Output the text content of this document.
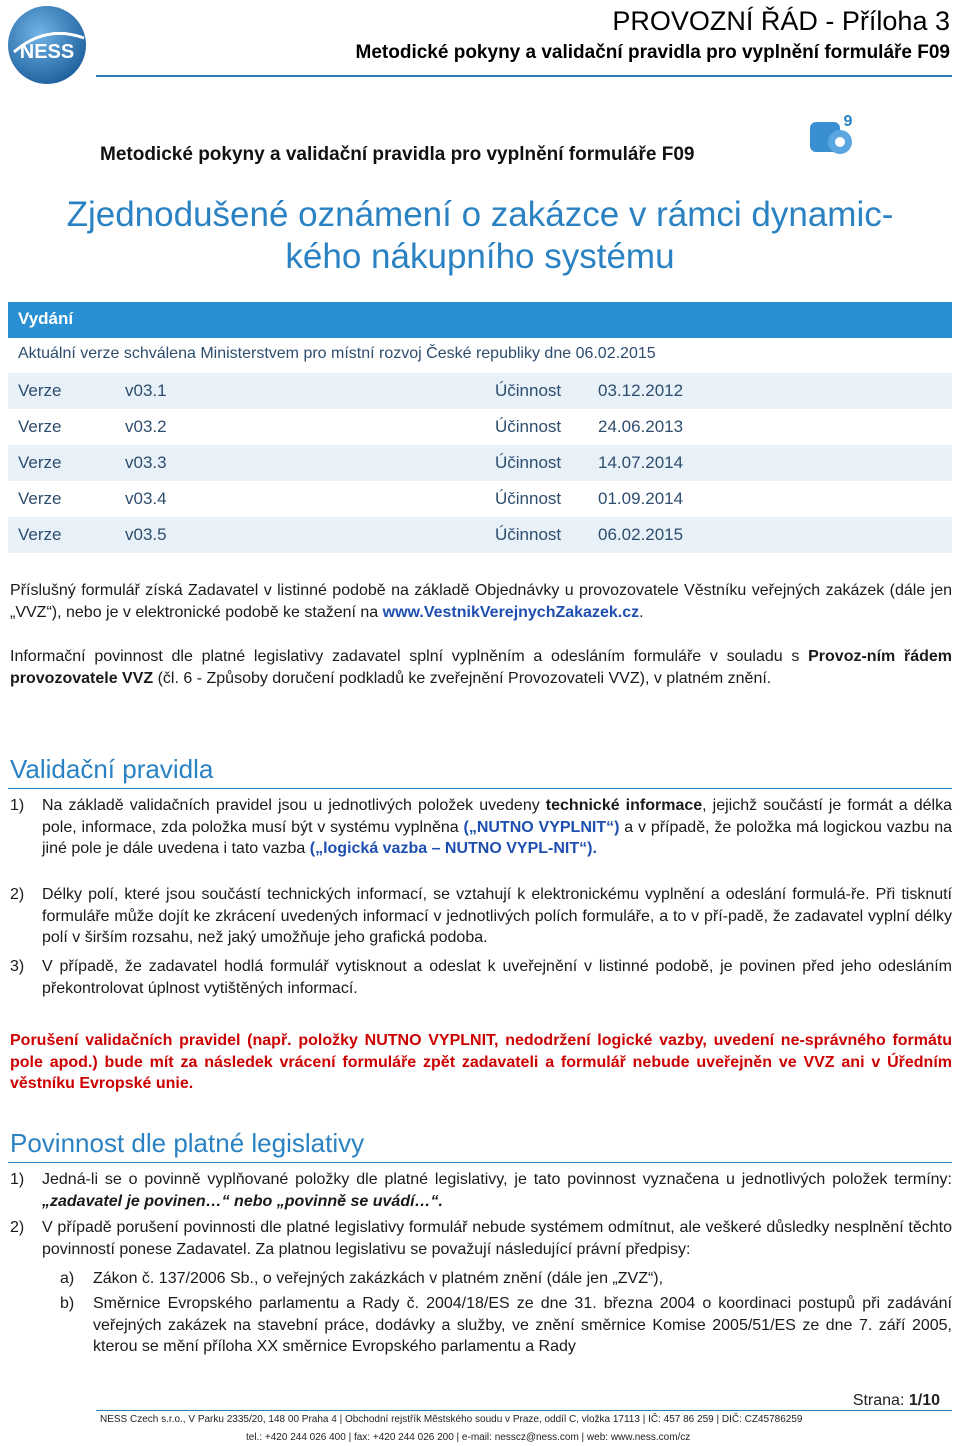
NESS
PROVOZNÍ ŘÁD - Příloha 3
Metodické pokyny a validační pravidla pro vyplnění formuláře F09
9
Metodické pokyny a validační pravidla pro vyplnění formuláře F09
Zjednodušené oznámení o zakázce v rámci dynamic-
kého nákupního systému
Vydání
Aktuální verze schválena Ministerstvem pro místní rozvoj České republiky dne 06.02.2015
Verze	v03.1	Účinnost 03.12.2012
Verze	v03.2	Účinnost 24.06.2013
Verze	v03.3	Účinnost 14.07.2014
Verze	v03.4	Účinnost 01.09.2014
Verze	v03.5	Účinnost 06.02.2015
Příslušný formulář získá Zadavatel v listinné podobě na základě Objednávky u provozovatele Věstníku veřejných zakázek (dále jen „VVZ“), nebo je v elektronické podobě ke stažení na www.VestnikVerejnychZakazek.cz.
Informační povinnost dle platné legislativy zadavatel splní vyplněním a odesláním formuláře v souladu s Provoz-ním řádem provozovatele VVZ (čl. 6 - Způsoby doručení podkladů ke zveřejnění Provozovateli VVZ), v platném znění.
Validační pravidla
1) Na základě validačních pravidel jsou u jednotlivých položek uvedeny technické informace, jejichž součástí je formát a délka pole, informace, zda položka musí být v systému vyplněna („NUTNO VYPLNIT“) a v případě, že položka má logickou vazbu na jiné pole je dále uvedena i tato vazba („logická vazba – NUTNO VYPL-NIT“).
2) Délky polí, které jsou součástí technických informací, se vztahují k elektronickému vyplnění a odeslání formulá-ře. Při tisknutí formuláře může dojít ke zkrácení uvedených informací v jednotlivých polích formuláře, a to v pří-padě, že zadavatel vyplní délky polí v širším rozsahu, než jaký umožňuje jeho grafická podoba.
3) V případě, že zadavatel hodlá formulář vytisknout a odeslat k uveřejnění v listinné podobě, je povinen před jeho odesláním překontrolovat úplnost vytištěných informací.
Porušení validačních pravidel (např. položky NUTNO VYPLNIT, nedodržení logické vazby, uvedení ne-správného formátu pole apod.) bude mít za následek vrácení formuláře zpět zadavateli a formulář nebude uveřejněn ve VVZ ani v Úředním věstníku Evropské unie.
Povinnost dle platné legislativy
1) Jedná-li se o povinně vyplňované položky dle platné legislativy, je tato povinnost vyznačena u jednotlivých položek termíny: „zadavatel je povinen…“ nebo „povinně se uvádí…“.
2) V případě porušení povinnosti dle platné legislativy formulář nebude systémem odmítnut, ale veškeré důsledky nesplnění těchto povinností ponese Zadavatel. Za platnou legislativu se považují následující právní předpisy:
a) Zákon č. 137/2006 Sb., o veřejných zakázkách v platném znění (dále jen „ZVZ“),
b) Směrnice Evropského parlamentu a Rady č. 2004/18/ES ze dne 31. března 2004 o koordinaci postupů při zadávání veřejných zakázek na stavební práce, dodávky a služby, ve znění směrnice Komise 2005/51/ES ze dne 7. září 2005, kterou se mění příloha XX směrnice Evropského parlamentu a Rady
Strana: 1/10
NESS Czech s.r.o., V Parku 2335/20, 148 00 Praha 4 | Obchodní rejstřík Městského soudu v Praze, oddíl C, vložka 17113 | IČ: 457 86 259 | DIČ: CZ45786259
tel.: +420 244 026 400 | fax: +420 244 026 200 | e-mail: nesscz@ness.com | web: www.ness.com/cz
